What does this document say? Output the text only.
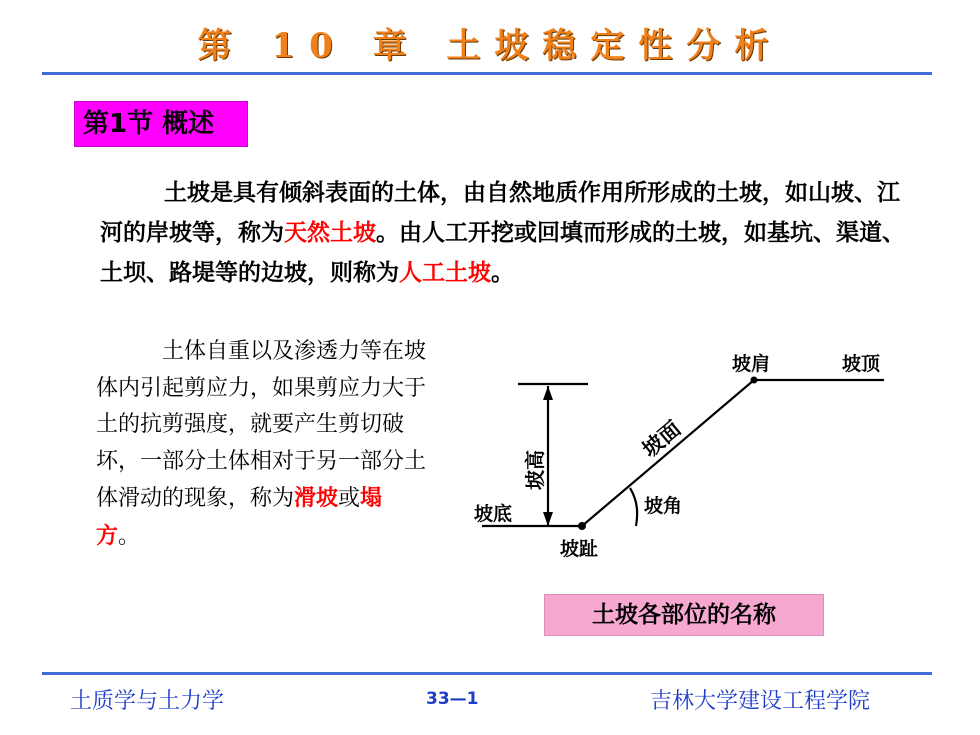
第 10 章 土坡稳定性分析
第1节 概述
土坡是具有倾斜表面的土体，由自然地质作用所形成的土坡，如山坡、江河的岸坡等，称为天然土坡。由人工开挖或回填而形成的土坡，如基坑、渠道、土坝、路堤等的边坡，则称为人工土坡。
土体自重以及渗透力等在坡体内引起剪应力，如果剪应力大于土的抗剪强度，就要产生剪切破坏，一部分土体相对于另一部分土体滑动的现象，称为滑坡或塌方。
坡肩	坡顶
坡面
坡高
坡角
坡底
坡趾
土坡各部位的名称
土质学与土力学	33—1	吉林大学建设工程学院
